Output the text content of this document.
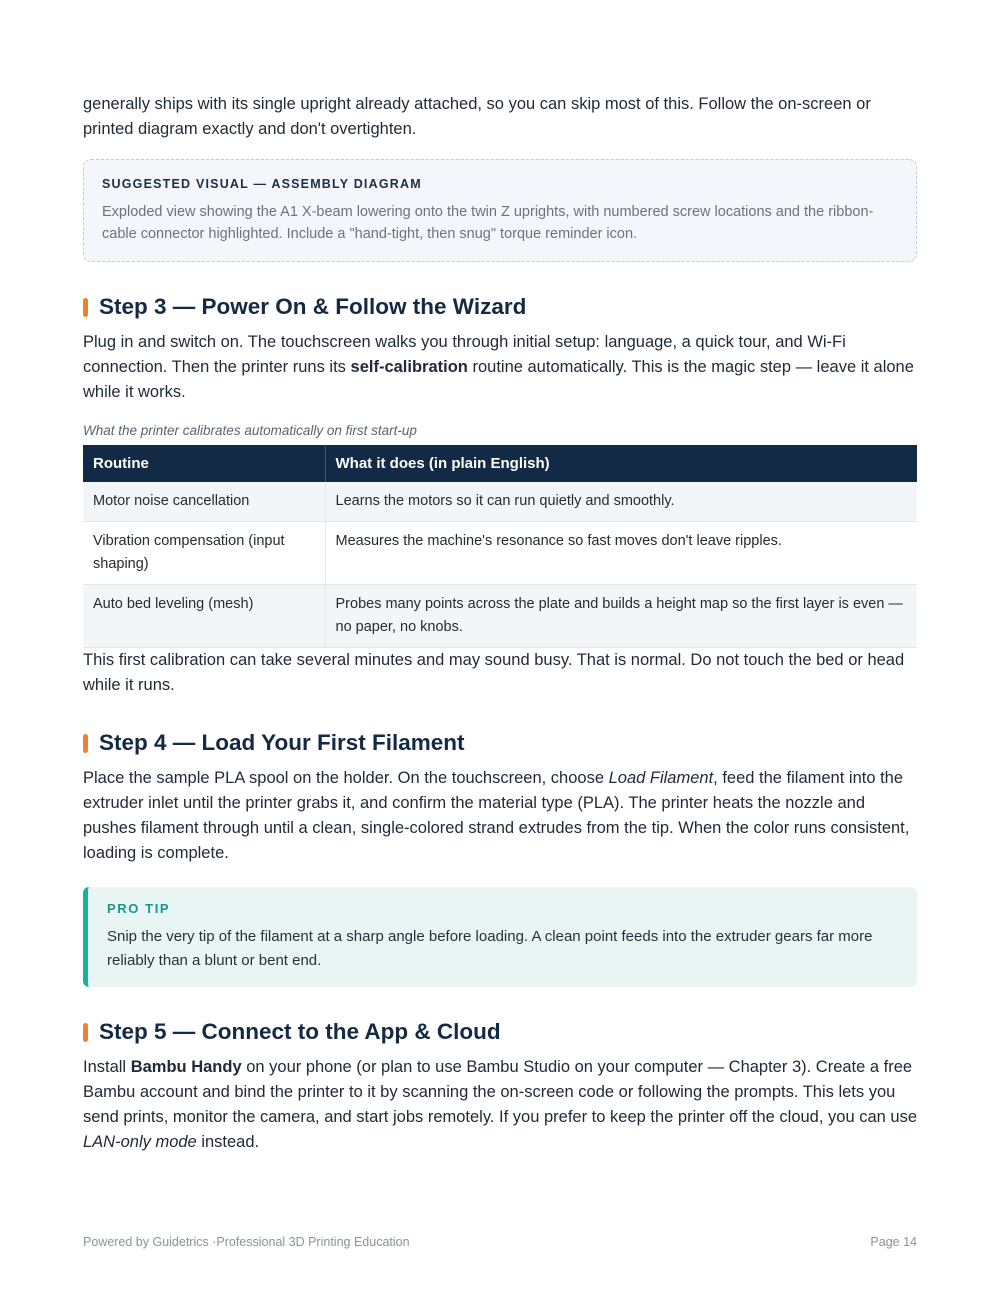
generally ships with its single upright already attached, so you can skip most of this. Follow the on-screen or printed diagram exactly and don't overtighten.

SUGGESTED VISUAL — ASSEMBLY DIAGRAM
Exploded view showing the A1 X-beam lowering onto the twin Z uprights, with numbered screw locations and the ribbon-cable connector highlighted. Include a "hand-tight, then snug" torque reminder icon.
Step 3 — Power On & Follow the Wizard

Plug in and switch on. The touchscreen walks you through initial setup: language, a quick tour, and Wi-Fi connection. Then the printer runs its self-calibration routine automatically. This is the magic step — leave it alone while it works.

What the printer calibrates automatically on first start-up
Routine	What it does (in plain English)
Motor noise cancellation	Learns the motors so it can run quietly and smoothly.
Vibration compensation (input shaping)	Measures the machine's resonance so fast moves don't leave ripples.
Auto bed leveling (mesh)	Probes many points across the plate and builds a height map so the first layer is even — no paper, no knobs.

This first calibration can take several minutes and may sound busy. That is normal. Do not touch the bed or head while it runs.

Step 4 — Load Your First Filament

Place the sample PLA spool on the holder. On the touchscreen, choose Load Filament, feed the filament into the extruder inlet until the printer grabs it, and confirm the material type (PLA). The printer heats the nozzle and pushes filament through until a clean, single-colored strand extrudes from the tip. When the color runs consistent, loading is complete.

PRO TIP
Snip the very tip of the filament at a sharp angle before loading. A clean point feeds into the extruder gears far more reliably than a blunt or bent end.
Step 5 — Connect to the App & Cloud

Install Bambu Handy on your phone (or plan to use Bambu Studio on your computer — Chapter 3). Create a free Bambu account and bind the printer to it by scanning the on-screen code or following the prompts. This lets you send prints, monitor the camera, and start jobs remotely. If you prefer to keep the printer off the cloud, you can use LAN-only mode instead.

Powered by Guidetrics ·Professional 3D Printing Education	Page 14
